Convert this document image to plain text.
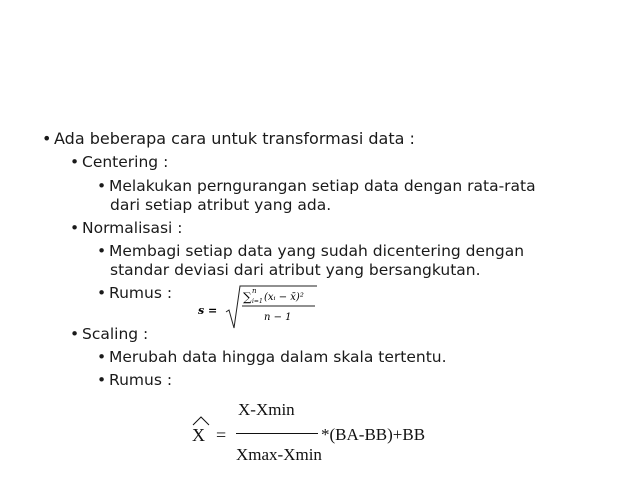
• Ada beberapa cara untuk transformasi data :
• Centering :
• Melakukan perngurangan setiap data dengan rata-rata
dari setiap atribut yang ada.
• Normalisasi :
• Membagi setiap data yang sudah dicentering dengan
standar deviasi dari atribut yang bersangkutan.
• Rumus :
s =
∑ n
i=1 (xᵢ − x̄)²
n − 1
• Scaling :
• Merubah data hingga dalam skala tertentu.
• Rumus :
X =
X-Xmin
Xmax-Xmin
*(BA-BB)+BB
